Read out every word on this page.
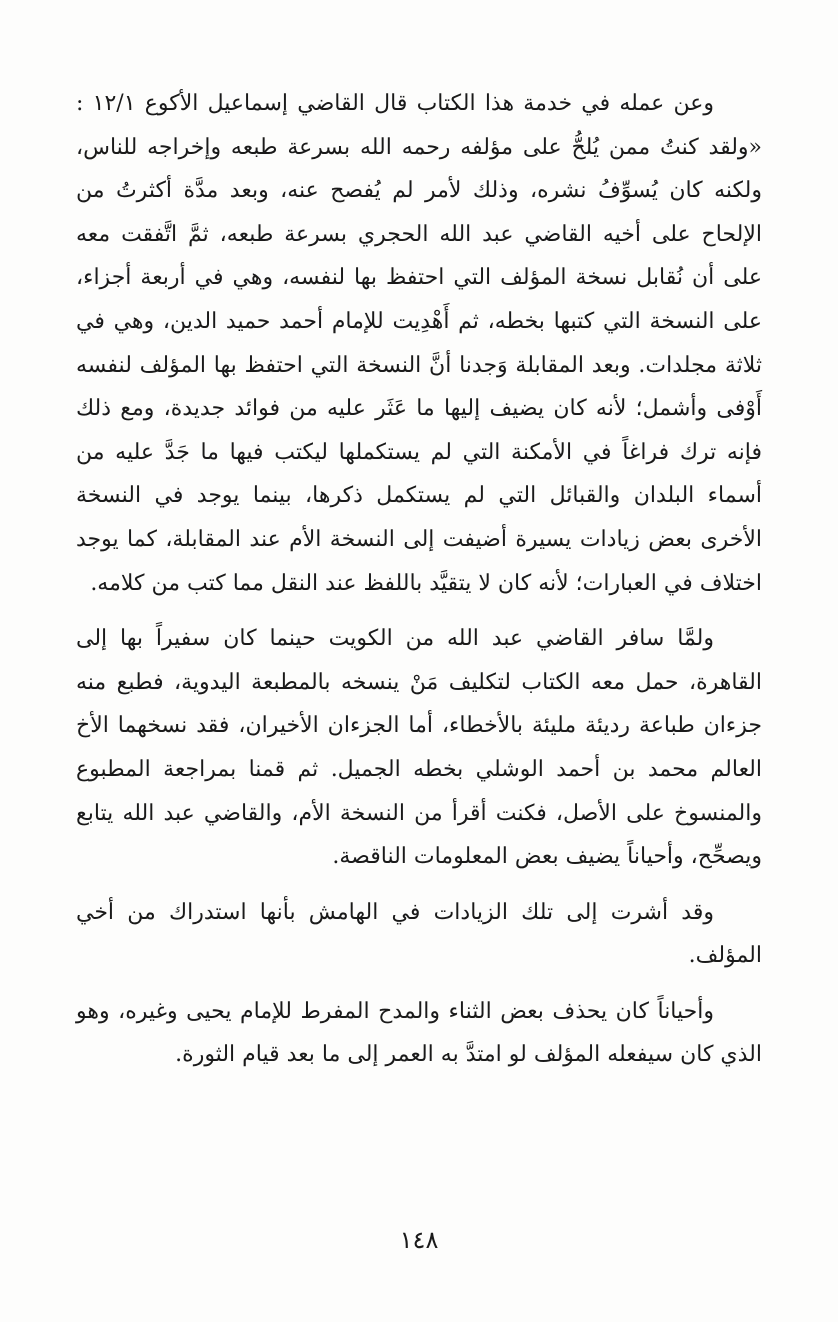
وعن عمله في خدمة هذا الكتاب قال القاضي إسماعيل الأكوع ١٢/١ : «ولقد كنتُ ممن يُلحُّ على مؤلفه رحمه الله بسرعة طبعه وإخراجه للناس، ولكنه كان يُسوِّفُ نشره، وذلك لأمر لم يُفصح عنه، وبعد مدَّة أكثرتُ من الإلحاح على أخيه القاضي عبد الله الحجري بسرعة طبعه، ثمَّ اتَّفقت معه على أن نُقابل نسخة المؤلف التي احتفظ بها لنفسه، وهي في أربعة أجزاء، على النسخة التي كتبها بخطه، ثم أَهْدِيت للإمام أحمد حميد الدين، وهي في ثلاثة مجلدات. وبعد المقابلة وَجدنا أنَّ النسخة التي احتفظ بها المؤلف لنفسه أَوْفى وأشمل؛ لأنه كان يضيف إليها ما عَثَر عليه من فوائد جديدة، ومع ذلك فإنه ترك فراغاً في الأمكنة التي لم يستكملها ليكتب فيها ما جَدَّ عليه من أسماء البلدان والقبائل التي لم يستكمل ذكرها، بينما يوجد في النسخة الأخرى بعض زيادات يسيرة أضيفت إلى النسخة الأم عند المقابلة، كما يوجد اختلاف في العبارات؛ لأنه كان لا يتقيَّد باللفظ عند النقل مما كتب من كلامه.

ولمَّا سافر القاضي عبد الله من الكويت حينما كان سفيراً بها إلى القاهرة، حمل معه الكتاب لتكليف مَنْ ينسخه بالمطبعة اليدوية، فطبع منه جزءان طباعة رديئة مليئة بالأخطاء، أما الجزءان الأخيران، فقد نسخهما الأخ العالم محمد بن أحمد الوشلي بخطه الجميل. ثم قمنا بمراجعة المطبوع والمنسوخ على الأصل، فكنت أقرأ من النسخة الأم، والقاضي عبد الله يتابع ويصحِّح، وأحياناً يضيف بعض المعلومات الناقصة.

وقد أشرت إلى تلك الزيادات في الهامش بأنها استدراك من أخي المؤلف.

وأحياناً كان يحذف بعض الثناء والمدح المفرط للإمام يحيى وغيره، وهو الذي كان سيفعله المؤلف لو امتدَّ به العمر إلى ما بعد قيام الثورة.

١٤٨
